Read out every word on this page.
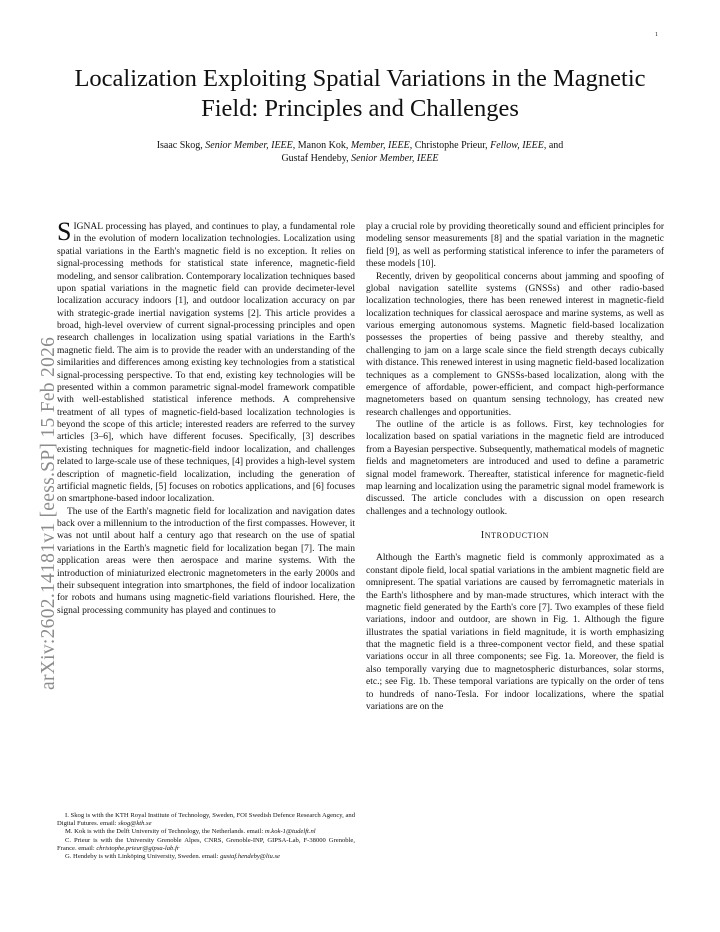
1
arXiv:2602.14181v1 [eess.SP] 15 Feb 2026
Localization Exploiting Spatial Variations in the Magnetic Field: Principles and Challenges
Isaac Skog, Senior Member, IEEE, Manon Kok, Member, IEEE, Christophe Prieur, Fellow, IEEE, and
Gustaf Hendeby, Senior Member, IEEE

SIGNAL processing has played, and continues to play, a fundamental role in the evolution of modern localization technologies. Localization using spatial variations in the Earth's magnetic field is no exception. It relies on signal-processing methods for statistical state inference, magnetic-field modeling, and sensor calibration. Contemporary localization techniques based upon spatial variations in the magnetic field can provide decimeter-level localization accuracy indoors [1], and outdoor localization accuracy on par with strategic-grade inertial navigation systems [2]. This article provides a broad, high-level overview of current signal-processing principles and open research challenges in localization using spatial variations in the Earth's magnetic field. The aim is to provide the reader with an understanding of the similarities and differences among existing key technologies from a statistical signal-processing perspective. To that end, existing key technologies will be presented within a common parametric signal-model framework compatible with well-established statistical inference methods. A comprehensive treatment of all types of magnetic-field-based localization technologies is beyond the scope of this article; interested readers are referred to the survey articles [3–6], which have different focuses. Specifically, [3] describes existing techniques for magnetic-field indoor localization, and challenges related to large-scale use of these techniques, [4] provides a high-level system description of magnetic-field localization, including the generation of artificial magnetic fields, [5] focuses on robotics applications, and [6] focuses on smartphone-based indoor localization.

The use of the Earth's magnetic field for localization and navigation dates back over a millennium to the introduction of the first compasses. However, it was not until about half a century ago that research on the use of spatial variations in the Earth's magnetic field for localization began [7]. The main application areas were then aerospace and marine systems. With the introduction of miniaturized electronic magnetometers in the early 2000s and their subsequent integration into smartphones, the field of indoor localization for robots and humans using magnetic-field variations flourished. Here, the signal processing community has played and continues to

play a crucial role by providing theoretically sound and efficient principles for modeling sensor measurements [8] and the spatial variation in the magnetic field [9], as well as performing statistical inference to infer the parameters of these models [10].

Recently, driven by geopolitical concerns about jamming and spoofing of global navigation satellite systems (GNSSs) and other radio-based localization technologies, there has been renewed interest in magnetic-field localization techniques for classical aerospace and marine systems, as well as various emerging autonomous systems. Magnetic field-based localization possesses the properties of being passive and thereby stealthy, and challenging to jam on a large scale since the field strength decays cubically with distance. This renewed interest in using magnetic field-based localization techniques as a complement to GNSSs-based localization, along with the emergence of affordable, power-efficient, and compact high-performance magnetometers based on quantum sensing technology, has created new research challenges and opportunities.

The outline of the article is as follows. First, key technologies for localization based on spatial variations in the magnetic field are introduced from a Bayesian perspective. Subsequently, mathematical models of magnetic fields and magnetometers are introduced and used to define a parametric signal model framework. Thereafter, statistical inference for magnetic-field map learning and localization using the parametric signal model framework is discussed. The article concludes with a discussion on open research challenges and a technology outlook.

INTRODUCTION

Although the Earth's magnetic field is commonly approximated as a constant dipole field, local spatial variations in the ambient magnetic field are omnipresent. The spatial variations are caused by ferromagnetic materials in the Earth's lithosphere and by man-made structures, which interact with the magnetic field generated by the Earth's core [7]. Two examples of these field variations, indoor and outdoor, are shown in Fig. 1. Although the figure illustrates the spatial variations in field magnitude, it is worth emphasizing that the magnetic field is a three-component vector field, and these spatial variations occur in all three components; see Fig. 1a. Moreover, the field is also temporally varying due to magnetospheric disturbances, solar storms, etc.; see Fig. 1b. These temporal variations are typically on the order of tens to hundreds of nano-Tesla. For indoor localizations, where the spatial variations are on the

I. Skog is with the KTH Royal Institute of Technology, Sweden, FOI Swedish Defence Research Agency, and Digital Futures. email: skog@kth.se

M. Kok is with the Delft University of Technology, the Netherlands. email: m.kok-1@tudelft.nl

C. Prieur is with the University Grenoble Alpes, CNRS, Grenoble-INP, GIPSA-Lab, F-38000 Grenoble, France. email: christophe.prieur@gipsa-lab.fr

G. Hendeby is with Linköping University, Sweden. email: gustaf.hendeby@liu.se
